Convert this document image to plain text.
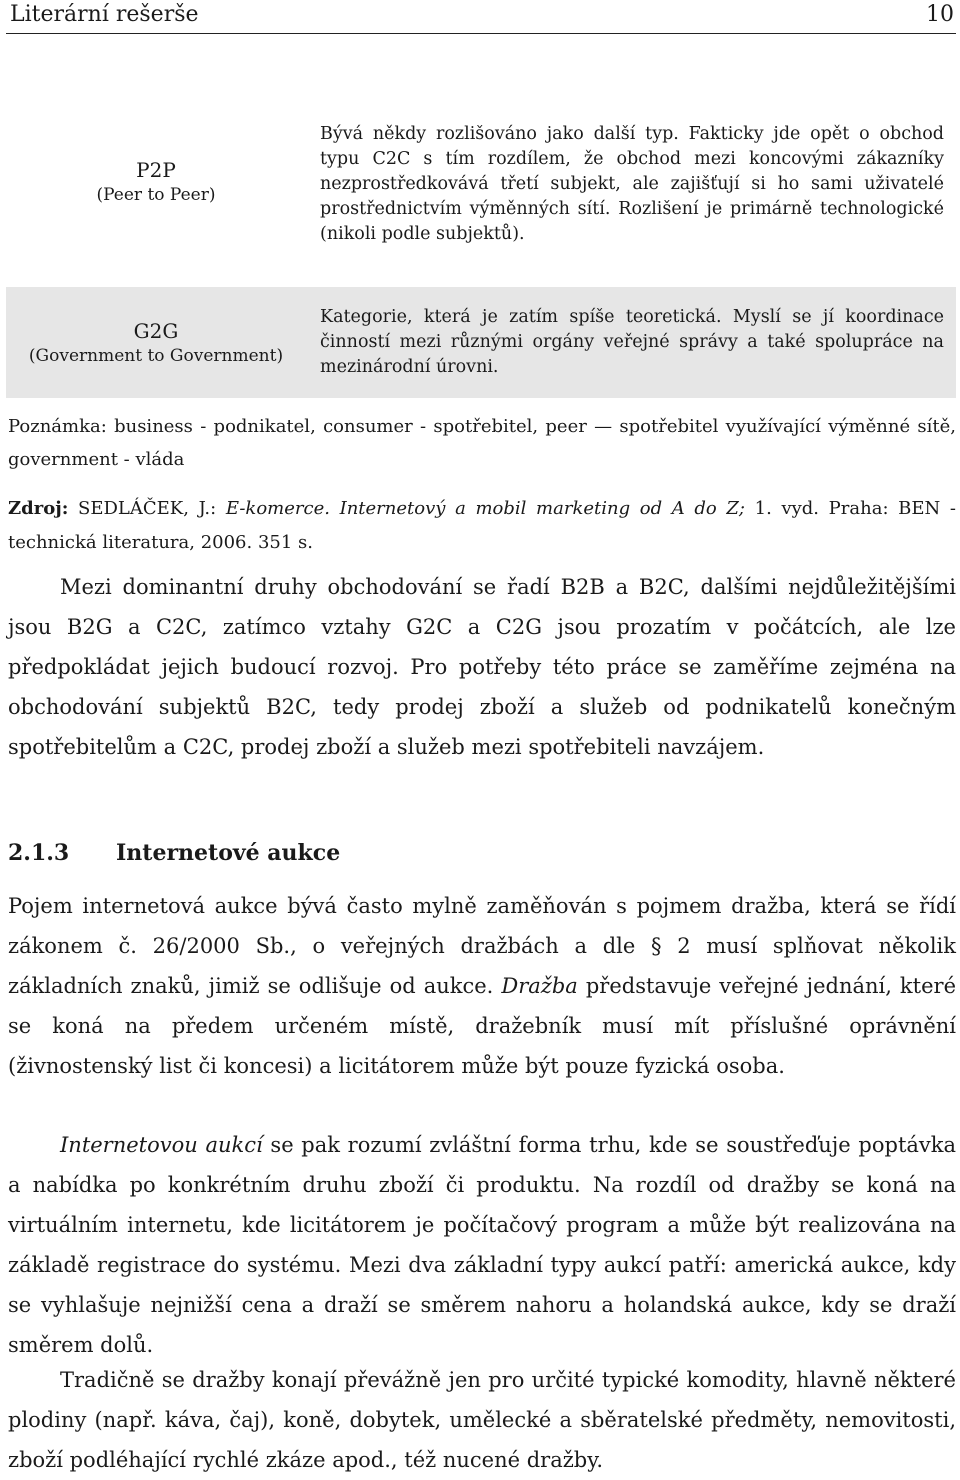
Literární rešerše	10
P2P
(Peer to Peer)
Bývá někdy rozlišováno jako další typ. Fakticky jde opět o obchod typu C2C s tím rozdílem, že obchod mezi koncovými zákazníky nezprostředkovává třetí subjekt, ale zajišťují si ho sami uživatelé prostřednictvím výměnných sítí. Rozlišení je primárně technologické (nikoli podle subjektů).
G2G
(Government to Government)
Kategorie, která je zatím spíše teoretická. Myslí se jí koordinace činností mezi různými orgány veřejné správy a také spolupráce na mezinárodní úrovni.
Poznámka: business - podnikatel, consumer - spotřebitel, peer — spotřebitel využívající výměnné sítě, government - vláda
Zdroj: SEDLÁČEK, J.: E-komerce. Internetový a mobil marketing od A do Z; 1. vyd. Praha: BEN - technická literatura, 2006. 351 s.
Mezi dominantní druhy obchodování se řadí B2B a B2C, dalšími nejdůležitějšími jsou B2G a C2C, zatímco vztahy G2C a C2G jsou prozatím v počátcích, ale lze předpokládat jejich budoucí rozvoj. Pro potřeby této práce se zaměříme zejména na obchodování subjektů B2C, tedy prodej zboží a služeb od podnikatelů konečným spotřebitelům a C2C, prodej zboží a služeb mezi spotřebiteli navzájem.
2.1.3 Internetové aukce
Pojem internetová aukce bývá často mylně zaměňován s pojmem dražba, která se řídí zákonem č. 26/2000 Sb., o veřejných dražbách a dle § 2 musí splňovat několik základních znaků, jimiž se odlišuje od aukce. Dražba představuje veřejné jednání, které se koná na předem určeném místě, dražebník musí mít příslušné oprávnění (živnostenský list či koncesi) a licitátorem může být pouze fyzická osoba.
Internetovou aukcí se pak rozumí zvláštní forma trhu, kde se soustřeďuje poptávka a nabídka po konkrétním druhu zboží či produktu. Na rozdíl od dražby se koná na virtuálním internetu, kde licitátorem je počítačový program a může být realizována na základě registrace do systému. Mezi dva základní typy aukcí patří: americká aukce, kdy se vyhlašuje nejnižší cena a draží se směrem nahoru a holandská aukce, kdy se draží směrem dolů.
Tradičně se dražby konají převážně jen pro určité typické komodity, hlavně některé plodiny (např. káva, čaj), koně, dobytek, umělecké a sběratelské předměty, nemovitosti, zboží podléhající rychlé zkáze apod., též nucené dražby.
